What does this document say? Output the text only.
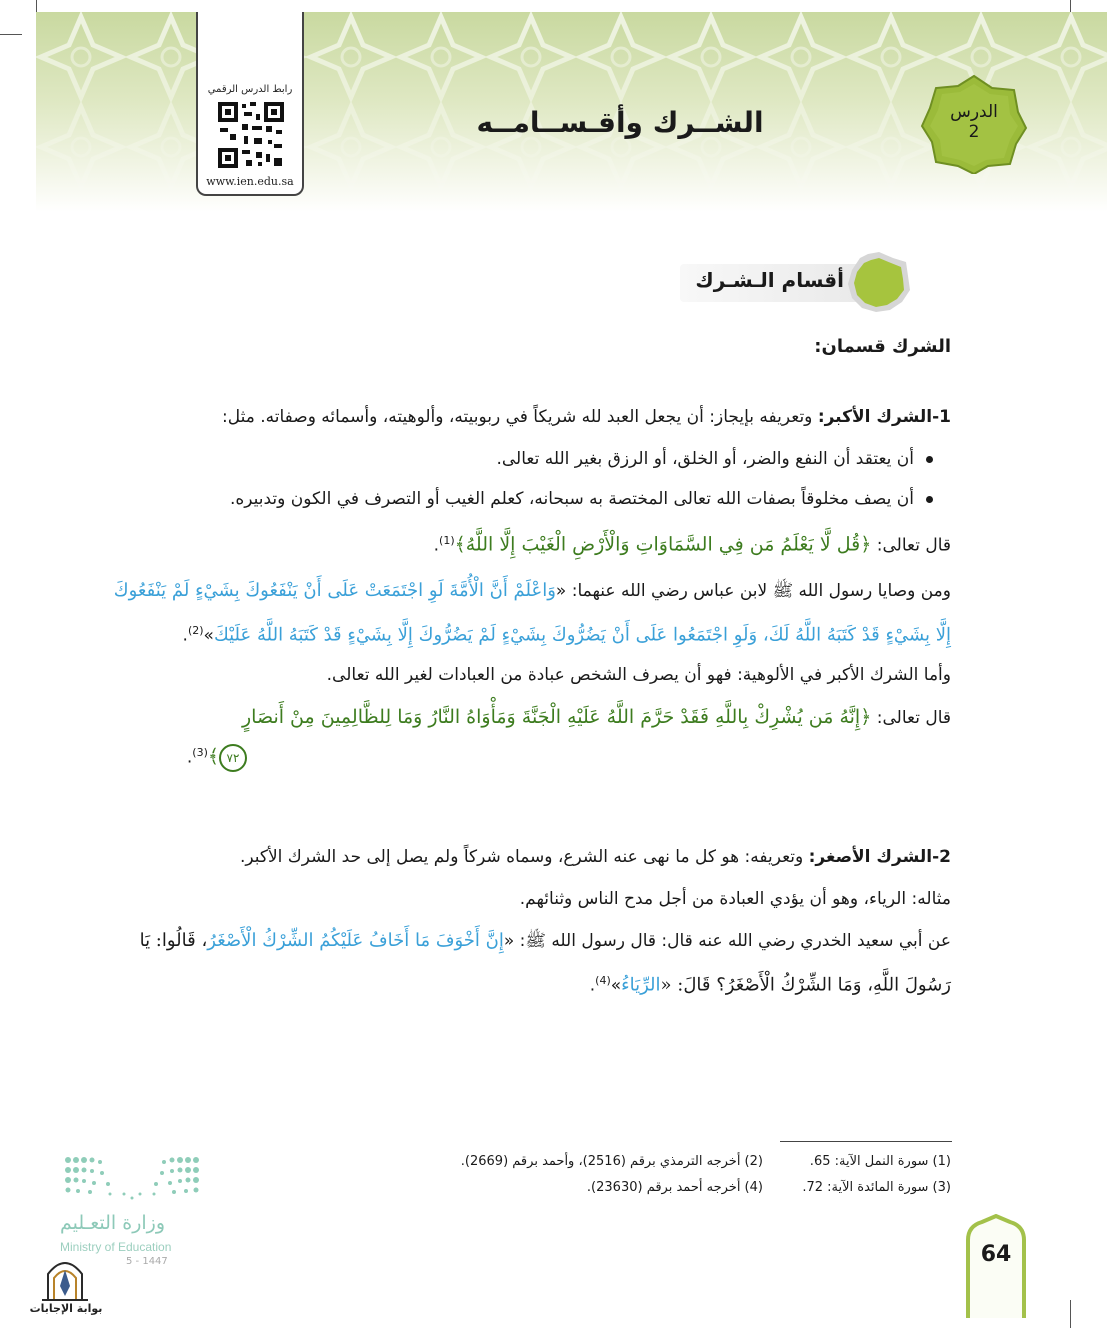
رابط الدرس الرقمي
www.ien.edu.sa
الشــرك وأقـســامــه	الدرس
2
أقسام الـشـرك
الشرك قسمان:
1-الشرك الأكبر: وتعريفه بإيجاز: أن يجعل العبد لله شريكاً في ربوبيته، وألوهيته، وأسمائه وصفاته. مثل:
أن يعتقد أن النفع والضر، أو الخلق، أو الرزق بغير الله تعالى.
أن يصف مخلوقاً بصفات الله تعالى المختصة به سبحانه، كعلم الغيب أو التصرف في الكون وتدبيره.
قال تعالى: ﴿قُل لَّا يَعْلَمُ مَن فِي السَّمَاوَاتِ وَالْأَرْضِ الْغَيْبَ إِلَّا اللَّهُ﴾$^{(1)}$.
ومن وصايا رسول الله ﷺ لابن عباس رضي الله عنهما: «وَاعْلَمْ أَنَّ الْأُمَّةَ لَوِ اجْتَمَعَتْ عَلَى أَنْ يَنْفَعُوكَ بِشَيْءٍ لَمْ يَنْفَعُوكَ
إِلَّا بِشَيْءٍ قَدْ كَتَبَهُ اللَّهُ لَكَ، وَلَوِ اجْتَمَعُوا عَلَى أَنْ يَضُرُّوكَ بِشَيْءٍ لَمْ يَضُرُّوكَ إِلَّا بِشَيْءٍ قَدْ كَتَبَهُ اللَّهُ عَلَيْكَ»$^{(2)}$.
وأما الشرك الأكبر في الألوهية: فهو أن يصرف الشخص عبادة من العبادات لغير الله تعالى.
قال تعالى: ﴿إِنَّهُ مَن يُشْرِكْ بِاللَّهِ فَقَدْ حَرَّمَ اللَّهُ عَلَيْهِ الْجَنَّةَ وَمَأْوَاهُ النَّارُ وَمَا لِلظَّالِمِينَ مِنْ أَنصَارٍ
٧٢﴾$^{(3)}$.
2-الشرك الأصغر: وتعريفه: هو كل ما نهى عنه الشرع، وسماه شركاً ولم يصل إلى حد الشرك الأكبر.
مثاله: الرياء، وهو أن يؤدي العبادة من أجل مدح الناس وثنائهم.
عن أبي سعيد الخدري رضي الله عنه قال: قال رسول الله ﷺ: «إِنَّ أَخْوَفَ مَا أَخَافُ عَلَيْكُمُ الشِّرْكُ الْأَصْغَرُ، قَالُوا: يَا
رَسُولَ اللَّهِ، وَمَا الشِّرْكُ الْأَصْغَرُ؟ قَالَ: «الرِّيَاءُ»$^{(4)}$.
(1) سورة النمل الآية: 65.
(2) أخرجه الترمذي برقم (2516)، وأحمد برقم (2669).
(3) سورة المائدة الآية: 72.
(4) أخرجه أحمد برقم (23630).
وزارة التعـليم
Ministry of Education
5 - 1447
بوابة الإجابات
64
